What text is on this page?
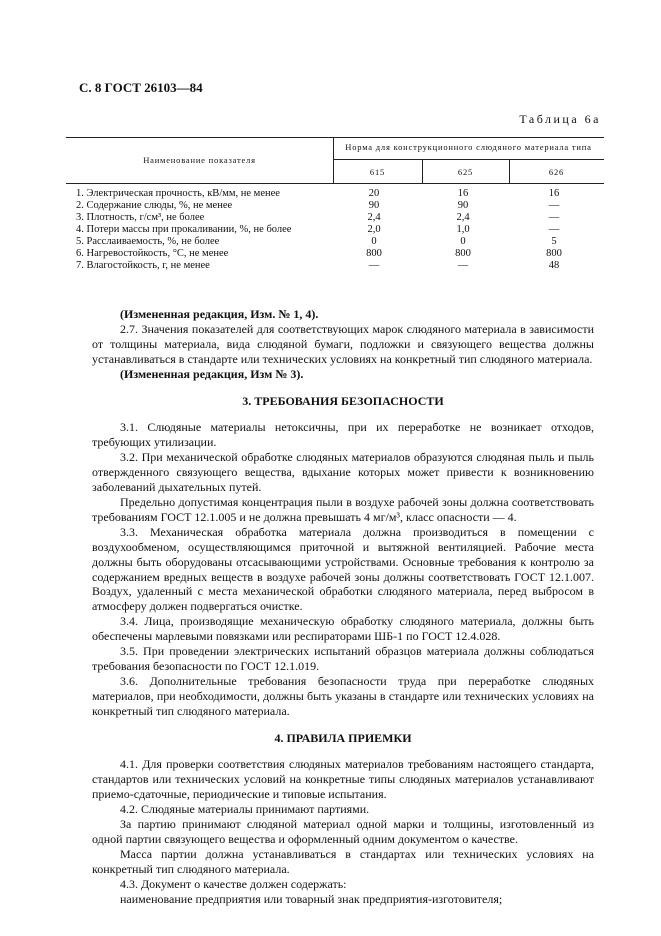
С. 8 ГОСТ 26103—84
Таблица 6а
Наименование показателя
Норма для конструкционного слюдяного материала типа
615	625	626
1. Электрическая прочность, кВ/мм, не менее	20	16	16
2. Содержание слюды, %, не менее	90	90	—
3. Плотность, г/см³, не более	2,4	2,4	—
4. Потери массы при прокаливании, %, не более	2,0	1,0	—
5. Расслаиваемость, %, не более	0	0	5
6. Нагревостойкость, °С, не менее	800	800	800
7. Влагостойкость, г, не менее	—	—	48

(Измененная редакция, Изм. № 1, 4).

2.7. Значения показателей для соответствующих марок слюдяного материала в зависимости от толщины материала, вида слюдяной бумаги, подложки и связующего вещества должны устанавливаться в стандарте или технических условиях на конкретный тип слюдяного материала.

(Измененная редакция, Изм № 3).

3. ТРЕБОВАНИЯ БЕЗОПАСНОСТИ

3.1. Слюдяные материалы нетоксичны, при их переработке не возникает отходов, требующих утилизации.

3.2. При механической обработке слюдяных материалов образуются слюдяная пыль и пыль отвержденного связующего вещества, вдыхание которых может привести к возникновению заболеваний дыхательных путей.

Предельно допустимая концентрация пыли в воздухе рабочей зоны должна соответствовать требованиям ГОСТ 12.1.005 и не должна превышать 4 мг/м³, класс опасности — 4.

3.3. Механическая обработка материала должна производиться в помещении с воздухообменом, осуществляющимся приточной и вытяжной вентиляцией. Рабочие места должны быть оборудованы отсасывающими устройствами. Основные требования к контролю за содержанием вредных веществ в воздухе рабочей зоны должны соответствовать ГОСТ 12.1.007. Воздух, удаленный с места механической обработки слюдяного материала, перед выбросом в атмосферу должен подвергаться очистке.

3.4. Лица, производящие механическую обработку слюдяного материала, должны быть обеспечены марлевыми повязками или респираторами ШБ-1 по ГОСТ 12.4.028.

3.5. При проведении электрических испытаний образцов материала должны соблюдаться требования безопасности по ГОСТ 12.1.019.

3.6. Дополнительные требования безопасности труда при переработке слюдяных материалов, при необходимости, должны быть указаны в стандарте или технических условиях на конкретный тип слюдяного материала.

4. ПРАВИЛА ПРИЕМКИ

4.1. Для проверки соответствия слюдяных материалов требованиям настоящего стандарта, стандартов или технических условий на конкретные типы слюдяных материалов устанавливают приемо-сдаточные, периодические и типовые испытания.

4.2. Слюдяные материалы принимают партиями.

За партию принимают слюдяной материал одной марки и толщины, изготовленный из одной партии связующего вещества и оформленный одним документом о качестве.

Масса партии должна устанавливаться в стандартах или технических условиях на конкретный тип слюдяного материала.

4.3. Документ о качестве должен содержать:

наименование предприятия или товарный знак предприятия-изготовителя;
